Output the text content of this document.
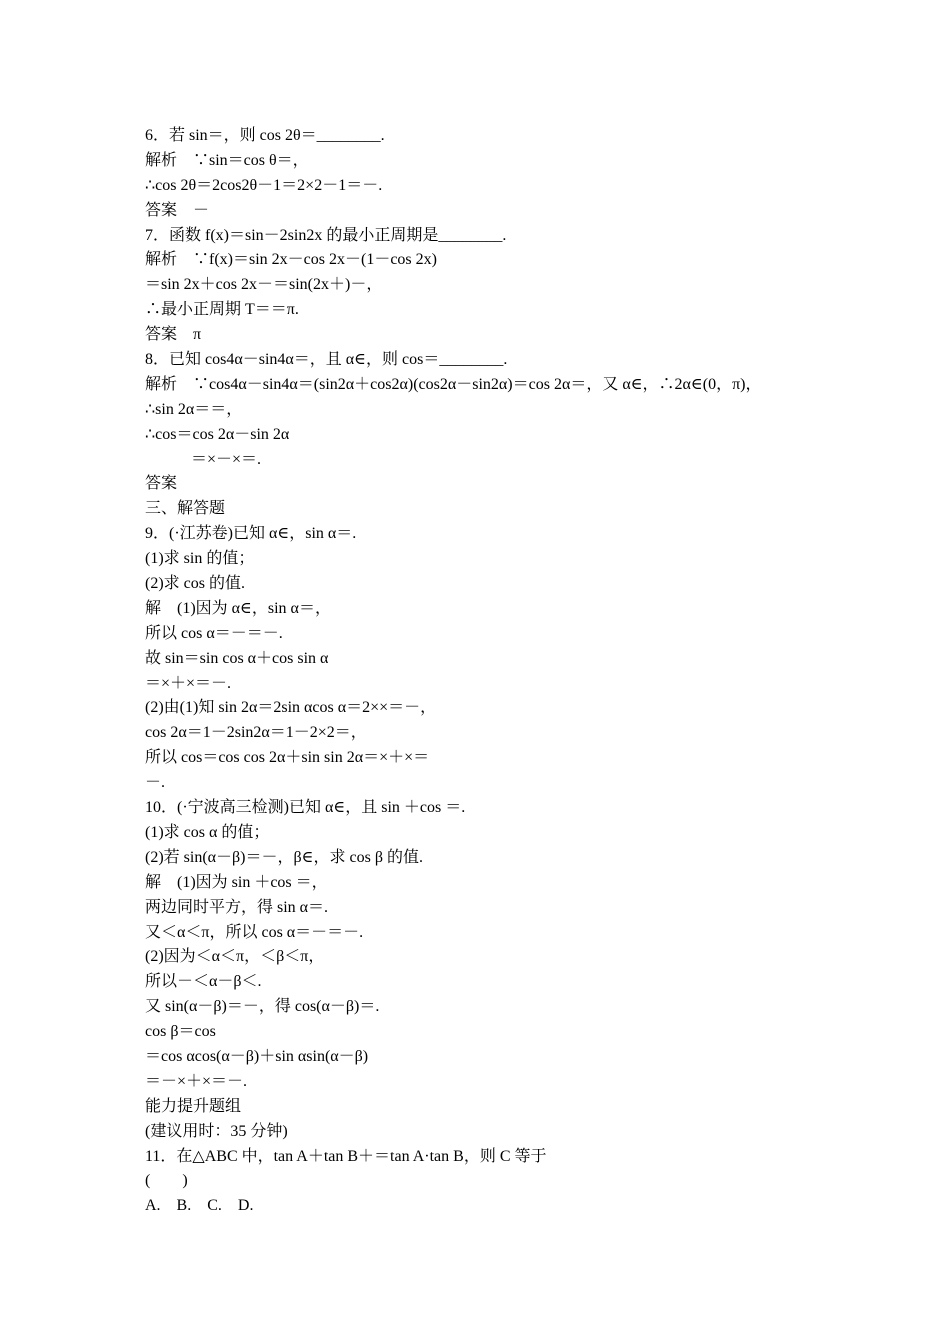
6．若 sin＝，则 cos 2θ＝________.
解析　∵sin＝cos θ＝，
∴cos 2θ＝2cos2θ－1＝2×2－1＝－.
答案　－
7．函数 f(x)＝sin－2sin2x 的最小正周期是________.
解析　∵f(x)＝sin 2x－cos 2x－(1－cos 2x)
＝sin 2x＋cos 2x－＝sin(2x＋)－，
∴最小正周期 T＝＝π.
答案　π
8．已知 cos4α－sin4α＝，且 α∈，则 cos＝________.
解析　∵cos4α－sin4α＝(sin2α＋cos2α)(cos2α－sin2α)＝cos 2α＝，又 α∈，∴2α∈(0，π)，
∴sin 2α＝＝，
∴cos＝cos 2α－sin 2α
＝×－×＝.
答案
三、解答题
9．(·江苏卷)已知 α∈，sin α＝.
(1)求 sin 的值；
(2)求 cos 的值.
解　(1)因为 α∈，sin α＝，
所以 cos α＝－＝－.
故 sin＝sin cos α＋cos sin α
＝×＋×＝－.
(2)由(1)知 sin 2α＝2sin αcos α＝2××＝－，
cos 2α＝1－2sin2α＝1－2×2＝，
所以 cos＝cos cos 2α＋sin sin 2α＝×＋×＝
－.
10．(·宁波高三检测)已知 α∈，且 sin ＋cos ＝.
(1)求 cos α 的值；
(2)若 sin(α－β)＝－，β∈，求 cos β 的值.
解　(1)因为 sin ＋cos ＝，
两边同时平方，得 sin α＝.
又＜α＜π，所以 cos α＝－＝－.
(2)因为＜α＜π，＜β＜π，
所以－＜α－β＜.
又 sin(α－β)＝－，得 cos(α－β)＝.
cos β＝cos
＝cos αcos(α－β)＋sin αsin(α－β)
＝－×＋×＝－.
能力提升题组
(建议用时：35 分钟)
11．在△ABC 中，tan A＋tan B＋＝tan A·tan B，则 C 等于
(　　)
A.　B.　C.　D.
